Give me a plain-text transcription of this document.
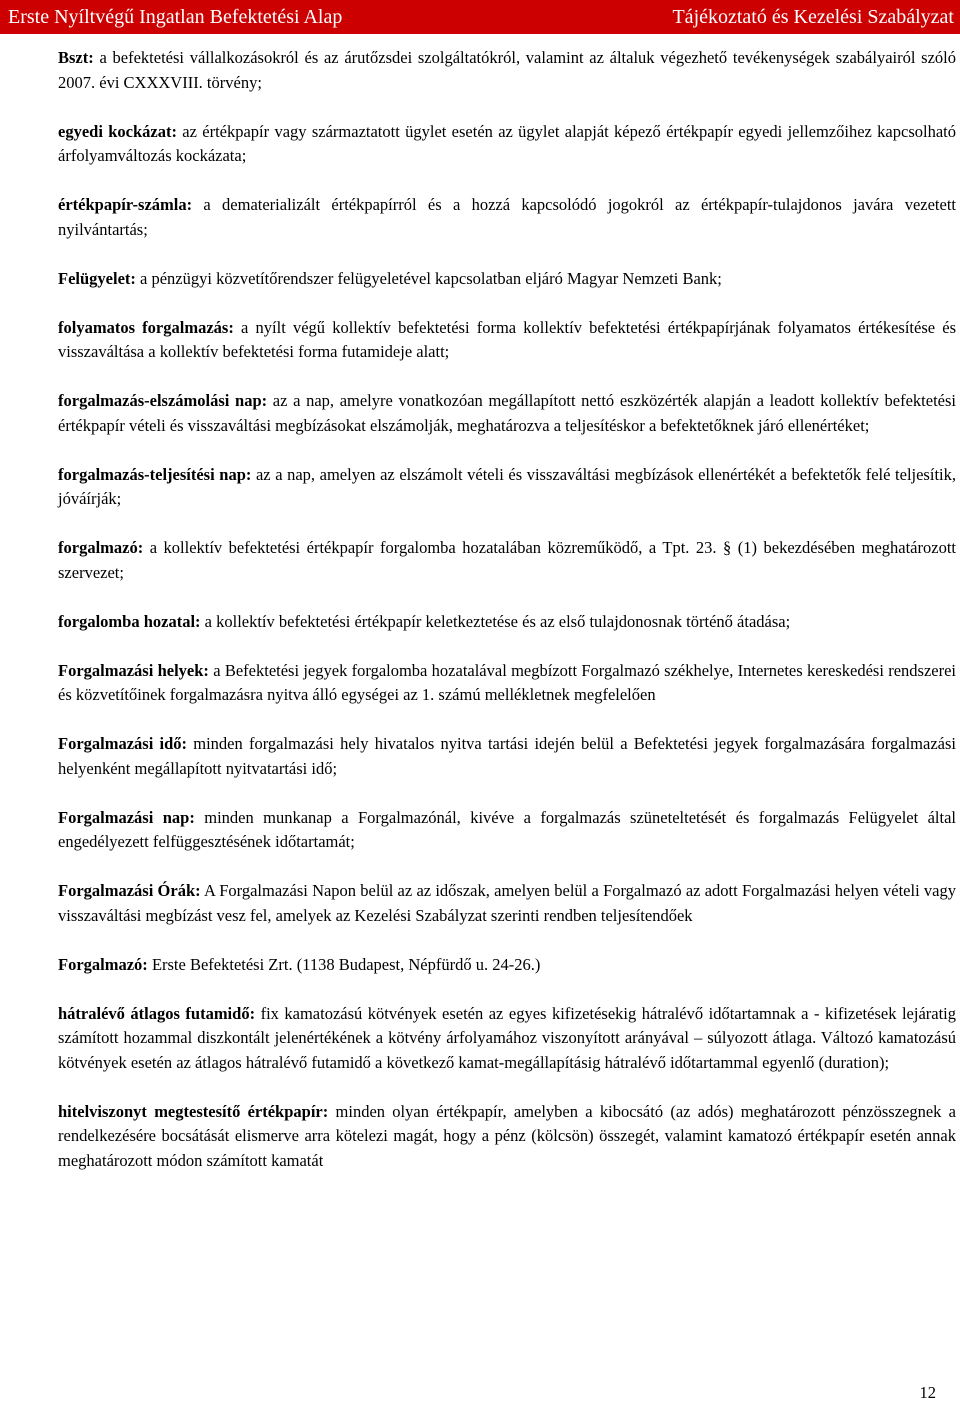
Erste Nyíltvégű Ingatlan Befektetési Alap	Tájékoztató és Kezelési Szabályzat

Bszt: a befektetési vállalkozásokról és az árutőzsdei szolgáltatókról, valamint az általuk végezhető tevékenységek szabályairól szóló 2007. évi CXXXVIII. törvény;

egyedi kockázat: az értékpapír vagy származtatott ügylet esetén az ügylet alapját képező értékpapír egyedi jellemzőihez kapcsolható árfolyamváltozás kockázata;

értékpapír-számla: a dematerializált értékpapírról és a hozzá kapcsolódó jogokról az értékpapír-tulajdonos javára vezetett nyilvántartás;

Felügyelet: a pénzügyi közvetítőrendszer felügyeletével kapcsolatban eljáró Magyar Nemzeti Bank;

folyamatos forgalmazás: a nyílt végű kollektív befektetési forma kollektív befektetési értékpapírjának folyamatos értékesítése és visszaváltása a kollektív befektetési forma futamideje alatt;

forgalmazás-elszámolási nap: az a nap, amelyre vonatkozóan megállapított nettó eszközérték alapján a leadott kollektív befektetési értékpapír vételi és visszaváltási megbízásokat elszámolják, meghatározva a teljesítéskor a befektetőknek járó ellenértéket;

forgalmazás-teljesítési nap: az a nap, amelyen az elszámolt vételi és visszaváltási megbízások ellenértékét a befektetők felé teljesítik, jóváírják;

forgalmazó: a kollektív befektetési értékpapír forgalomba hozatalában közreműködő, a Tpt. 23. § (1) bekezdésében meghatározott szervezet;

forgalomba hozatal: a kollektív befektetési értékpapír keletkeztetése és az első tulajdonosnak történő átadása;

Forgalmazási helyek: a Befektetési jegyek forgalomba hozatalával megbízott Forgalmazó székhelye, Internetes kereskedési rendszerei és közvetítőinek forgalmazásra nyitva álló egységei az 1. számú mellékletnek megfelelően

Forgalmazási idő: minden forgalmazási hely hivatalos nyitva tartási idején belül a Befektetési jegyek forgalmazására forgalmazási helyenként megállapított nyitvatartási idő;

Forgalmazási nap: minden munkanap a Forgalmazónál, kivéve a forgalmazás szüneteltetését és forgalmazás Felügyelet által engedélyezett felfüggesztésének időtartamát;

Forgalmazási Órák: A Forgalmazási Napon belül az az időszak, amelyen belül a Forgalmazó az adott Forgalmazási helyen vételi vagy visszaváltási megbízást vesz fel, amelyek az Kezelési Szabályzat szerinti rendben teljesítendőek

Forgalmazó: Erste Befektetési Zrt. (1138 Budapest, Népfürdő u. 24-26.)

hátralévő átlagos futamidő: fix kamatozású kötvények esetén az egyes kifizetésekig hátralévő időtartamnak a - kifizetések lejáratig számított hozammal diszkontált jelenértékének a kötvény árfolyamához viszonyított arányával – súlyozott átlaga. Változó kamatozású kötvények esetén az átlagos hátralévő futamidő a következő kamat-megállapításig hátralévő időtartammal egyenlő (duration);

hitelviszonyt megtestesítő értékpapír: minden olyan értékpapír, amelyben a kibocsátó (az adós) meghatározott pénzösszegnek a rendelkezésére bocsátását elismerve arra kötelezi magát, hogy a pénz (kölcsön) összegét, valamint kamatozó értékpapír esetén annak meghatározott módon számított kamatát

12
